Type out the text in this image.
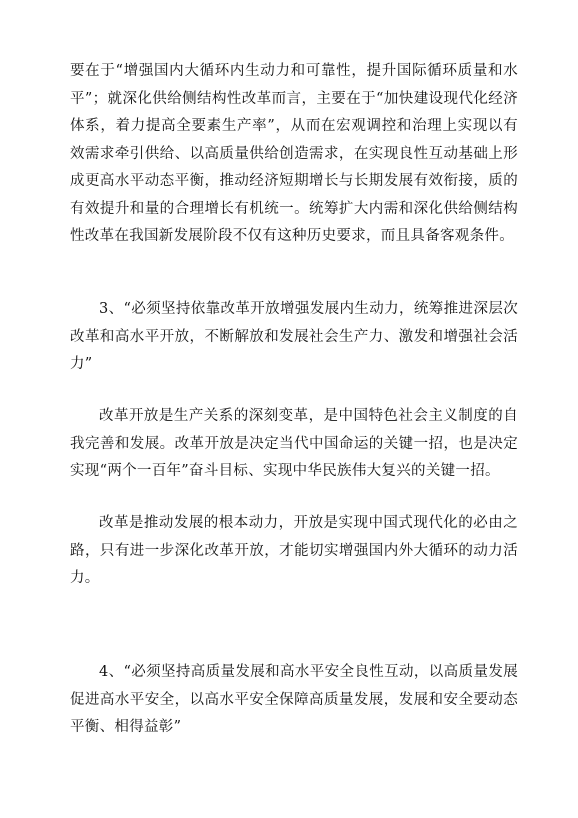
要在于“增强国内大循环内生动力和可靠性，提升国际循环质量和水平”；就深化供给侧结构性改革而言，主要在于“加快建设现代化经济体系，着力提高全要素生产率”，从而在宏观调控和治理上实现以有效需求牵引供给、以高质量供给创造需求，在实现良性互动基础上形成更高水平动态平衡，推动经济短期增长与长期发展有效衔接，质的有效提升和量的合理增长有机统一。统筹扩大内需和深化供给侧结构性改革在我国新发展阶段不仅有这种历史要求，而且具备客观条件。

3、“必须坚持依靠改革开放增强发展内生动力，统筹推进深层次改革和高水平开放，不断解放和发展社会生产力、激发和增强社会活力”

改革开放是生产关系的深刻变革，是中国特色社会主义制度的自我完善和发展。改革开放是决定当代中国命运的关键一招，也是决定实现“两个一百年”奋斗目标、实现中华民族伟大复兴的关键一招。

改革是推动发展的根本动力，开放是实现中国式现代化的必由之路，只有进一步深化改革开放，才能切实增强国内外大循环的动力活力。

4、“必须坚持高质量发展和高水平安全良性互动，以高质量发展促进高水平安全，以高水平安全保障高质量发展，发展和安全要动态平衡、相得益彰”
